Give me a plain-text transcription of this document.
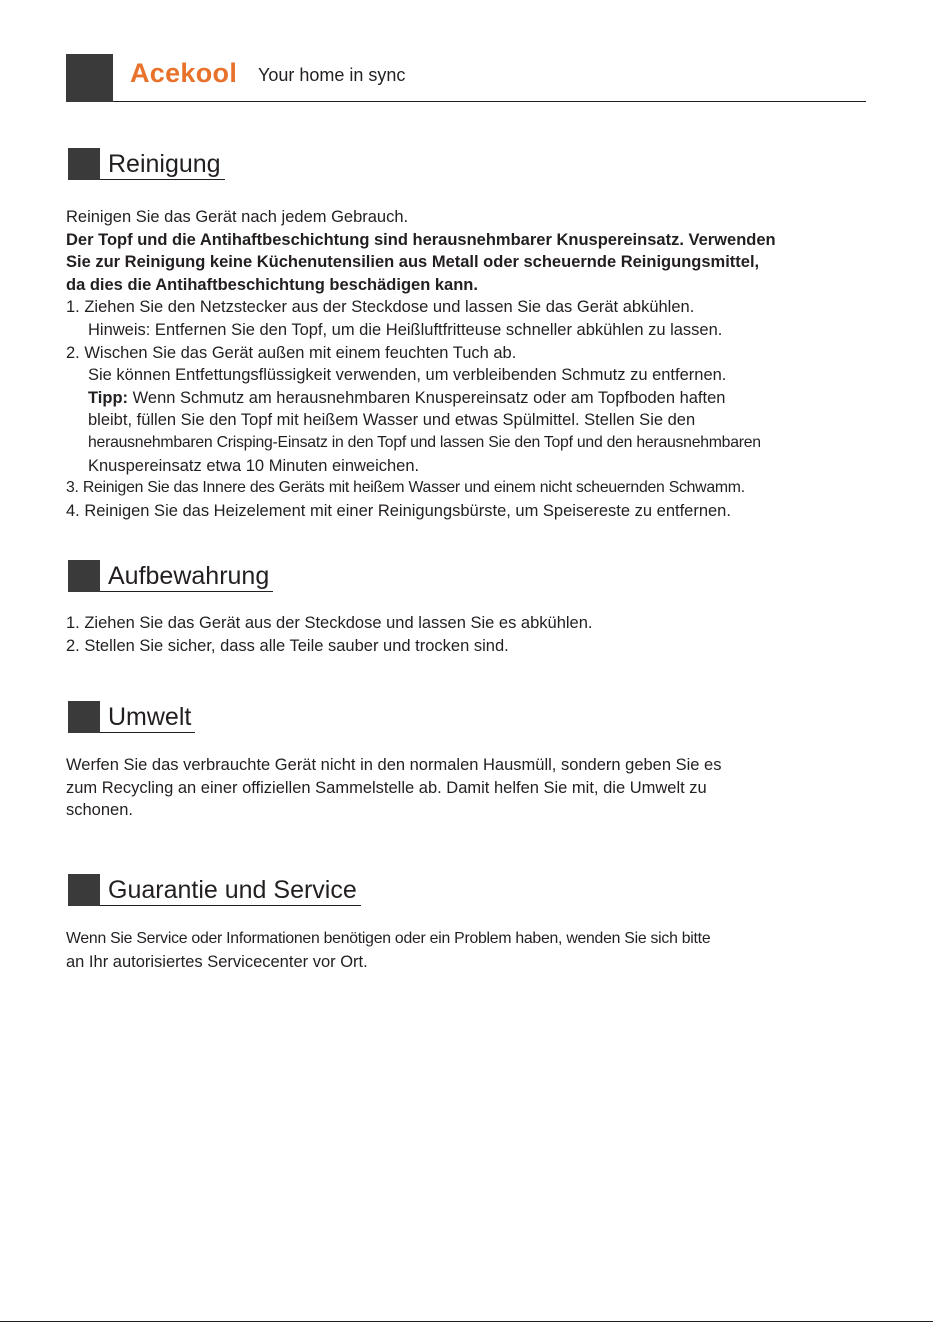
Acekool Your home in sync
Reinigung

Reinigen Sie das Gerät nach jedem Gebrauch.

Der Topf und die Antihaftbeschichtung sind herausnehmbarer Knuspereinsatz. Verwenden

Sie zur Reinigung keine Küchenutensilien aus Metall oder scheuernde Reinigungsmittel,

da dies die Antihaftbeschichtung beschädigen kann.

1. Ziehen Sie den Netzstecker aus der Steckdose und lassen Sie das Gerät abkühlen.

Hinweis: Entfernen Sie den Topf, um die Heißluftfritteuse schneller abkühlen zu lassen.

2. Wischen Sie das Gerät außen mit einem feuchten Tuch ab.

Sie können Entfettungsflüssigkeit verwenden, um verbleibenden Schmutz zu entfernen.

Tipp: Wenn Schmutz am herausnehmbaren Knuspereinsatz oder am Topfboden haften

bleibt, füllen Sie den Topf mit heißem Wasser und etwas Spülmittel. Stellen Sie den

herausnehmbaren Crisping-Einsatz in den Topf und lassen Sie den Topf und den herausnehmbaren

Knuspereinsatz etwa 10 Minuten einweichen.

3. Reinigen Sie das Innere des Geräts mit heißem Wasser und einem nicht scheuernden Schwamm.

4. Reinigen Sie das Heizelement mit einer Reinigungsbürste, um Speisereste zu entfernen.

Aufbewahrung

1. Ziehen Sie das Gerät aus der Steckdose und lassen Sie es abkühlen.

2. Stellen Sie sicher, dass alle Teile sauber und trocken sind.

Umwelt

Werfen Sie das verbrauchte Gerät nicht in den normalen Hausmüll, sondern geben Sie es

zum Recycling an einer offiziellen Sammelstelle ab. Damit helfen Sie mit, die Umwelt zu

schonen.

Guarantie und Service

Wenn Sie Service oder Informationen benötigen oder ein Problem haben, wenden Sie sich bitte

an Ihr autorisiertes Servicecenter vor Ort.
